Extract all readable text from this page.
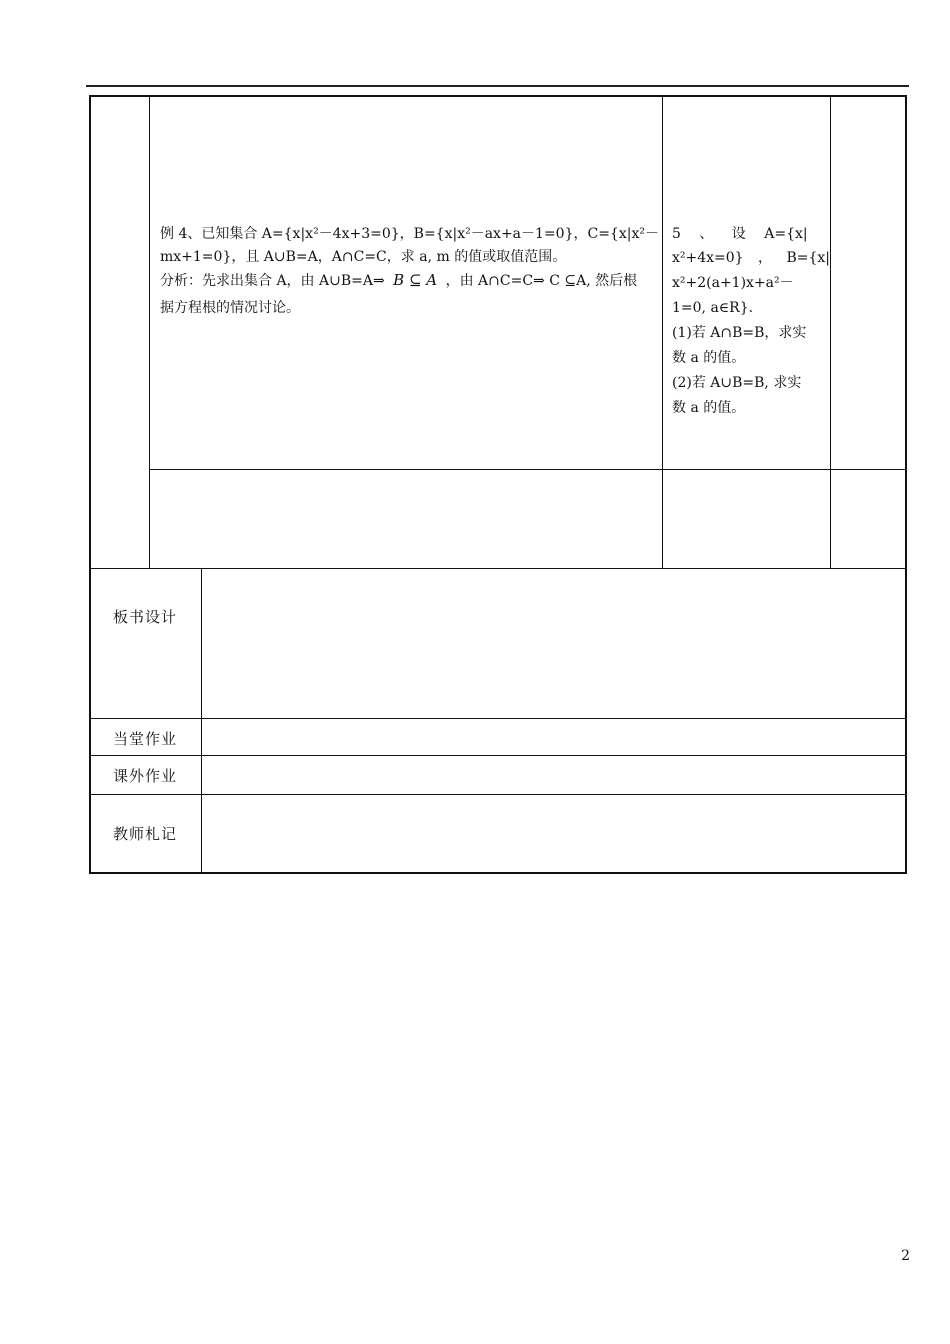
例 4、已知集合 A={x|x²－4x+3=0}，B={x|x²－ax+a－1=0}，C={x|x²－
mx+1=0}，且 A∪B=A，A∩C=C，求 a, m 的值或取值范围。
分析：先求出集合 A，由 A∪B=A⇒ B ⊆ A ，由 A∩C=C⇒ C ⊆A, 然后根
据方程根的情况讨论。
5 、 设 A={x|
x²+4x=0} ， B={x|
x²+2(a+1)x+a²－
1=0, a∈R}.
(1)若 A∩B=B，求实
数 a 的值。
(2)若 A∪B=B, 求实
数 a 的值。
板书设计
当堂作业
课外作业
教师札记
2
